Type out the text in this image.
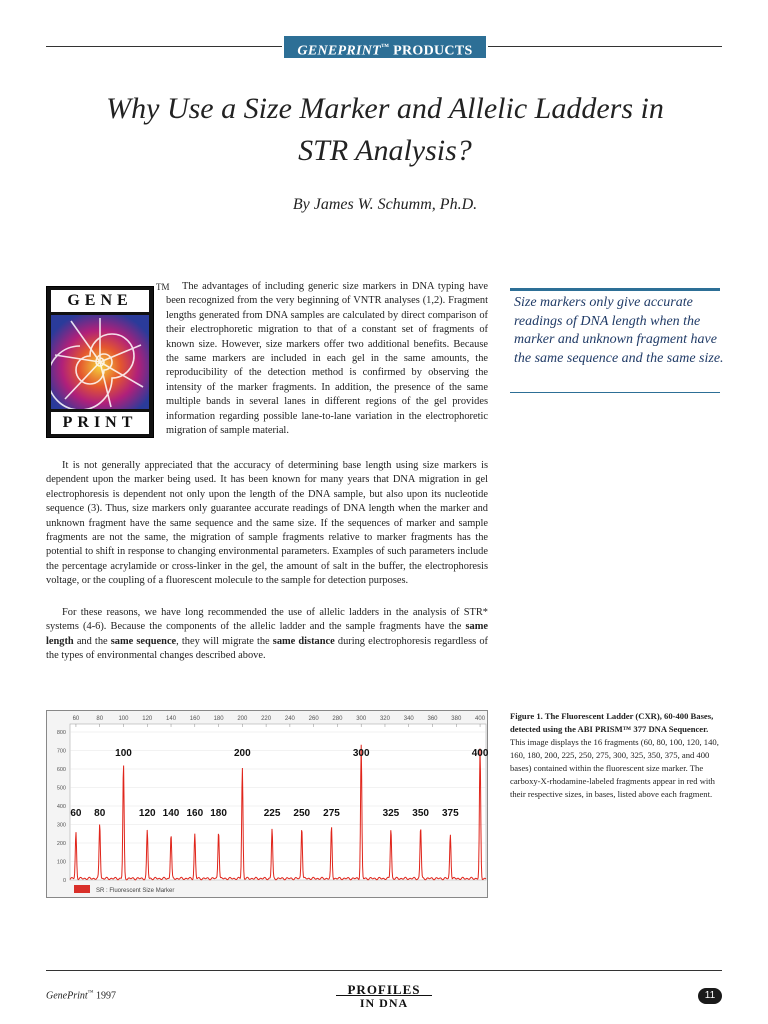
GENEPRINT™ PRODUCTS
Why Use a Size Marker and Allelic Ladders in STR Analysis?
By James W. Schumm, Ph.D.
GENE
PRINT
TM	The advantages of including generic size markers in DNA typing have been recognized from the very beginning of VNTR analyses (1,2). Fragment lengths generated from DNA samples are calculated by direct comparison of their electrophoretic migration to that of a constant set of fragments of known size. However, size markers offer two additional benefits. Because the same markers are included in each gel in the same amounts, the reproducibility of the detection method is confirmed by observing the intensity of the marker fragments. In addition, the presence of the same multiple bands in several lanes in different regions of the gel provides information regarding possible lane-to-lane variation in the electrophoretic migration of sample material.

Size markers only give accurate readings of DNA length when the marker and unknown fragment have the same sequence and the same size.

It is not generally appreciated that the accuracy of determining base length using size markers is dependent upon the marker being used. It has been known for many years that DNA migration in gel electrophoresis is dependent not only upon the length of the DNA sample, but also upon its nucleotide sequence (3). Thus, size markers only guarantee accurate readings of DNA length when the marker and unknown fragment have the same sequence and the same size. If the sequences of marker and sample fragments are not the same, the migration of sample fragments relative to marker fragments has the potential to shift in response to changing environmental parameters. Examples of such parameters include the percentage acrylamide or cross-linker in the gel, the amount of salt in the buffer, the electrophoresis voltage, or the coupling of a fluorescent molecule to the sample for detection purposes.

For these reasons, we have long recommended the use of allelic ladders in the analysis of STR* systems (4-6). Because the components of the allelic ladder and the sample fragments have the same length and the same sequence, they will migrate the same distance during electrophoresis regardless of the types of environmental changes described above.

60	80	100 120 140 160 180 200 220 240 260 280 300 320 340 360 380 400
800
700
600
500
400
300
200
100
0
60 80
100
120 140 160 180
200
225 250 275
300
325 350 375
400
SR : Fluorescent Size Marker

Figure 1. The Fluorescent Ladder (CXR), 60-400 Bases, detected using the ABI PRISM™ 377 DNA Sequencer. This image displays the 16 fragments (60, 80, 100, 120, 140, 160, 180, 200, 225, 250, 275, 300, 325, 350, 375, and 400 bases) contained within the fluorescent size marker. The carboxy-X-rhodamine-labeled fragments appear in red with their respective sizes, in bases, listed above each fragment.

GenePrint™ 1997	PROFILES
IN DNA
11
